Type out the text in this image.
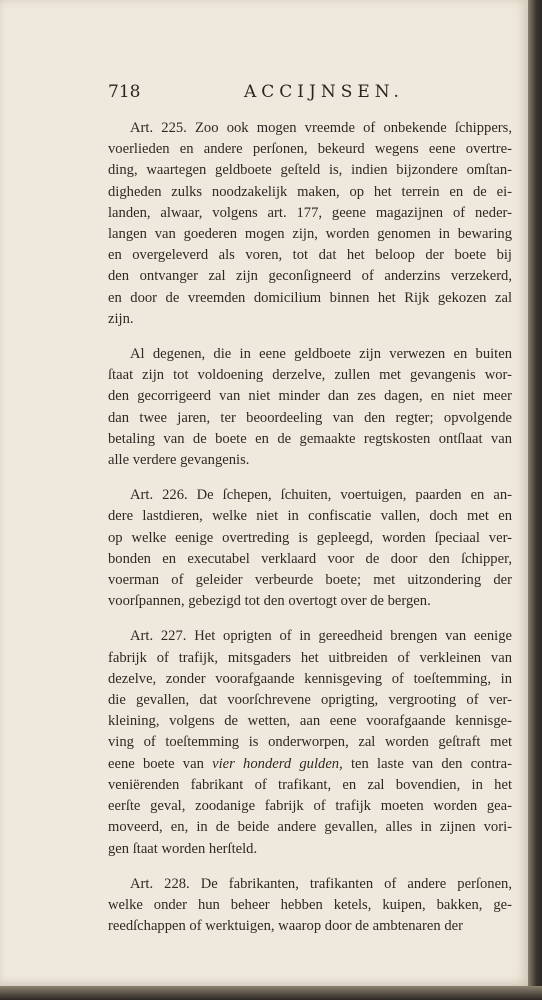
718	ACCIJNSEN.
Art. 225. Zoo ook mogen vreemde of onbekende ſchippers,
voerlieden en andere perſonen, bekeurd wegens eene overtre-
ding, waartegen geldboete geſteld is, indien bijzondere omſtan-
digheden zulks noodzakelijk maken, op het terrein en de ei-
landen, alwaar, volgens art. 177, geene magazijnen of neder-
langen van goederen mogen zijn, worden genomen in bewaring
en overgeleverd als voren, tot dat het beloop der boete bij
den ontvanger zal zijn geconſigneerd of anderzins verzekerd,
en door de vreemden domicilium binnen het Rijk gekozen zal
zijn.
Al degenen, die in eene geldboete zijn verwezen en buiten
ſtaat zijn tot voldoening derzelve, zullen met gevangenis wor-
den gecorrigeerd van niet minder dan zes dagen, en niet meer
dan twee jaren, ter beoordeeling van den regter; opvolgende
betaling van de boete en de gemaakte regtskosten ontſlaat van
alle verdere gevangenis.
Art. 226. De ſchepen, ſchuiten, voertuigen, paarden en an-
dere lastdieren, welke niet in confiscatie vallen, doch met en
op welke eenige overtreding is gepleegd, worden ſpeciaal ver-
bonden en executabel verklaard voor de door den ſchipper,
voerman of geleider verbeurde boete; met uitzondering der
voorſpannen, gebezigd tot den overtogt over de bergen.
Art. 227. Het oprigten of in gereedheid brengen van eenige
fabrijk of trafijk, mitsgaders het uitbreiden of verkleinen van
dezelve, zonder voorafgaande kennisgeving of toeſtemming, in
die gevallen, dat voorſchrevene oprigting, vergrooting of ver-
kleining, volgens de wetten, aan eene voorafgaande kennisge-
ving of toeſtemming is onderworpen, zal worden geſtraft met
eene boete van vier honderd gulden, ten laste van den contra-
veniërenden fabrikant of trafikant, en zal bovendien, in het
eerſte geval, zoodanige fabrijk of trafijk moeten worden gea-
moveerd, en, in de beide andere gevallen, alles in zijnen vori-
gen ſtaat worden herſteld.
Art. 228. De fabrikanten, trafikanten of andere perſonen,
welke onder hun beheer hebben ketels, kuipen, bakken, ge-
reedſchappen of werktuigen, waarop door de ambtenaren der
